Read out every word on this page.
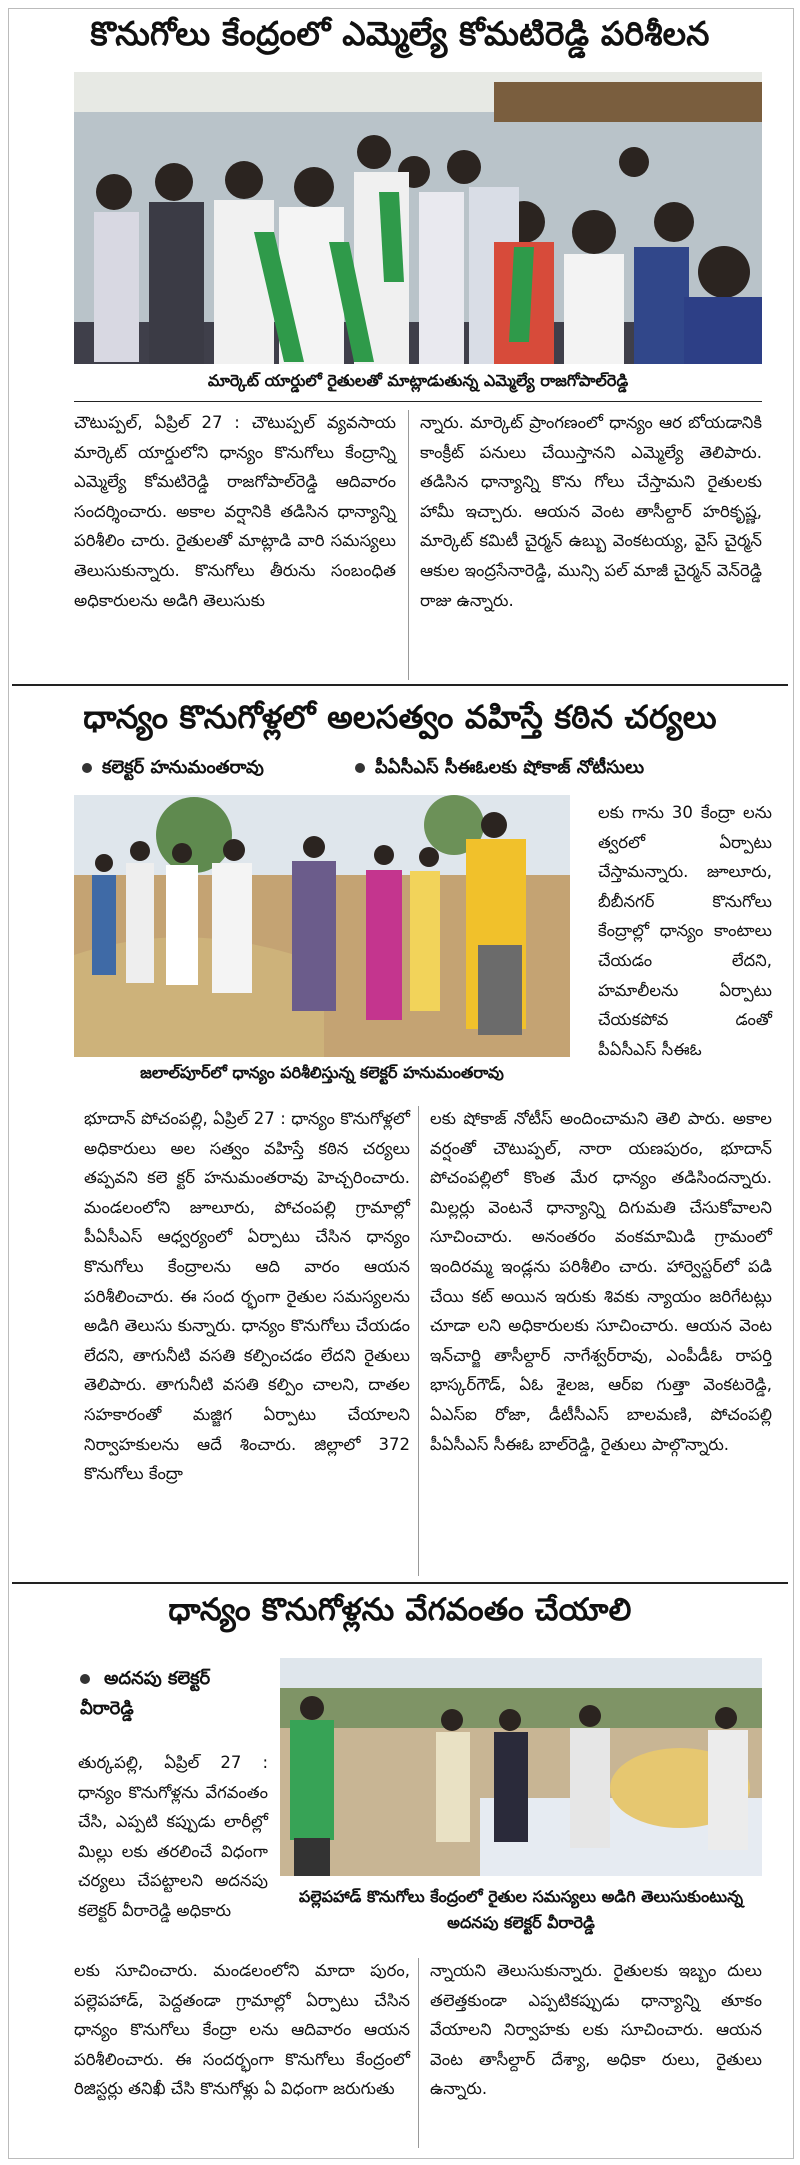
కొనుగోలు కేంద్రంలో ఎమ్మెల్యే కోమటిరెడ్డి పరిశీలన
మార్కెట్ యార్డులో రైతులతో మాట్లాడుతున్న ఎమ్మెల్యే రాజగోపాల్‌రెడ్డి
చౌటుప్పల్, ఏప్రిల్ 27 : చౌటుప్పల్ వ్యవసాయ మార్కెట్ యార్డులోని ధాన్యం కొనుగోలు కేంద్రాన్ని ఎమ్మెల్యే కోమటిరెడ్డి రాజగోపాల్‌రెడ్డి ఆదివారం సందర్శించారు. అకాల వర్షానికి తడిసిన ధాన్యాన్ని పరిశీలిం చారు. రైతులతో మాట్లాడి వారి సమస్యలు తెలుసుకున్నారు. కొనుగోలు తీరును సంబంధిత అధికారులను అడిగి తెలుసుకు
న్నారు. మార్కెట్ ప్రాంగణంలో ధాన్యం ఆర బోయడానికి కాంక్రీట్ పనులు చేయిస్తానని ఎమ్మెల్యే తెలిపారు. తడిసిన ధాన్యాన్ని కొను గోలు చేస్తామని రైతులకు హామీ ఇచ్చారు. ఆయన వెంట తాసీల్దార్ హరికృష్ణ, మార్కెట్ కమిటీ చైర్మన్ ఉబ్బు వెంకటయ్య, వైస్ చైర్మన్ ఆకుల ఇంద్రసేనారెడ్డి, మున్సి పల్ మాజీ చైర్మన్ వెన్‌రెడ్డి రాజు ఉన్నారు.
ధాన్యం కొనుగోళ్లలో అలసత్వం వహిస్తే కఠిన చర్యలు
కలెక్టర్ హనుమంతరావు	పీఏసీఎస్ సీఈఓలకు షోకాజ్ నోటీసులు
జలాల్‌పూర్‌లో ధాన్యం పరిశీలిస్తున్న కలెక్టర్ హనుమంతరావు
లకు గాను 30 కేంద్రా లను త్వరలో ఏర్పాటు చేస్తామన్నారు. జూలూరు, బీబీనగర్ కొనుగోలు కేంద్రాల్లో ధాన్యం కాంటాలు చేయడం లేదని, హమాలీలను ఏర్పాటు చేయకపోవ డంతో పీఏసీఎస్ సీఈఓ
భూదాన్ పోచంపల్లి, ఏప్రిల్ 27 : ధాన్యం కొనుగోళ్లలో అధికారులు అల సత్వం వహిస్తే కఠిన చర్యలు తప్పవని కలె క్టర్ హనుమంతరావు హెచ్చరించారు. మండలంలోని జూలూరు, పోచంపల్లి గ్రామాల్లో పీఏసీఎస్ ఆధ్వర్యంలో ఏర్పాటు చేసిన ధాన్యం కొనుగోలు కేంద్రాలను ఆది వారం ఆయన పరిశీలించారు. ఈ సంద ర్భంగా రైతుల సమస్యలను అడిగి తెలుసు కున్నారు. ధాన్యం కొనుగోలు చేయడం లేదని, తాగునీటి వసతి కల్పించడం లేదని రైతులు తెలిపారు. తాగునీటి వసతి కల్పిం చాలని, దాతల సహకారంతో మజ్జిగ ఏర్పాటు చేయాలని నిర్వాహకులను ఆదే శించారు. జిల్లాలో 372 కొనుగోలు కేంద్రా
లకు షోకాజ్ నోటీస్ అందించామని తెలి పారు. అకాల వర్షంతో చౌటుప్పల్, నారా యణపురం, భూదాన్ పోచంపల్లిలో కొంత మేర ధాన్యం తడిసిందన్నారు. మిల్లర్లు వెంటనే ధాన్యాన్ని దిగుమతి చేసుకోవాలని సూచించారు. అనంతరం వంకమామిడి గ్రామంలో ఇందిరమ్మ ఇండ్లను పరిశీలిం చారు. హార్వెస్టర్‌లో పడి చేయి కట్ అయిన ఇరుకు శివకు న్యాయం జరిగేటట్లు చూడా లని అధికారులకు సూచించారు. ఆయన వెంట ఇన్‌చార్జి తాసీల్దార్ నాగేశ్వర్‌రావు, ఎంపీడీఓ రాపర్తి భాస్కర్‌గౌడ్, ఏఓ శైలజ, ఆర్ఐ గుత్తా వెంకటరెడ్డి, ఏఎస్ఐ రోజా, డీటీసీఎస్ బాలమణి, పోచంపల్లి పీఏసీఎస్ సీఈఓ బాల్‌రెడ్డి, రైతులు పాల్గొన్నారు.
ధాన్యం కొనుగోళ్లను వేగవంతం చేయాలి
అదనపు కలెక్టర్ వీరారెడ్డి
పల్లెపహాడ్ కొనుగోలు కేంద్రంలో రైతుల సమస్యలు అడిగి తెలుసుకుంటున్న అదనపు కలెక్టర్ వీరారెడ్డి
తుర్కపల్లి, ఏప్రిల్ 27 : ధాన్యం కొనుగోళ్లను వేగవంతం చేసి, ఎప్పటి కప్పుడు లారీల్లో మిల్లు లకు తరలించే విధంగా చర్యలు చేపట్టాలని అదనపు కలెక్టర్ వీరారెడ్డి అధికారు
లకు సూచించారు. మండలంలోని మాదా పురం, పల్లెపహాడ్, పెద్దతండా గ్రామాల్లో ఏర్పాటు చేసిన ధాన్యం కొనుగోలు కేంద్రా లను ఆదివారం ఆయన పరిశీలించారు. ఈ సందర్భంగా కొనుగోలు కేంద్రంలో రిజిస్టర్లు తనిఖీ చేసి కొనుగోళ్లు ఏ విధంగా జరుగుతు
న్నాయని తెలుసుకున్నారు. రైతులకు ఇబ్బం దులు తలెత్తకుండా ఎప్పటికప్పుడు ధాన్యాన్ని తూకం వేయాలని నిర్వాహకు లకు సూచించారు. ఆయన వెంట తాసీల్దార్ దేశ్యా, అధికా రులు, రైతులు ఉన్నారు.
